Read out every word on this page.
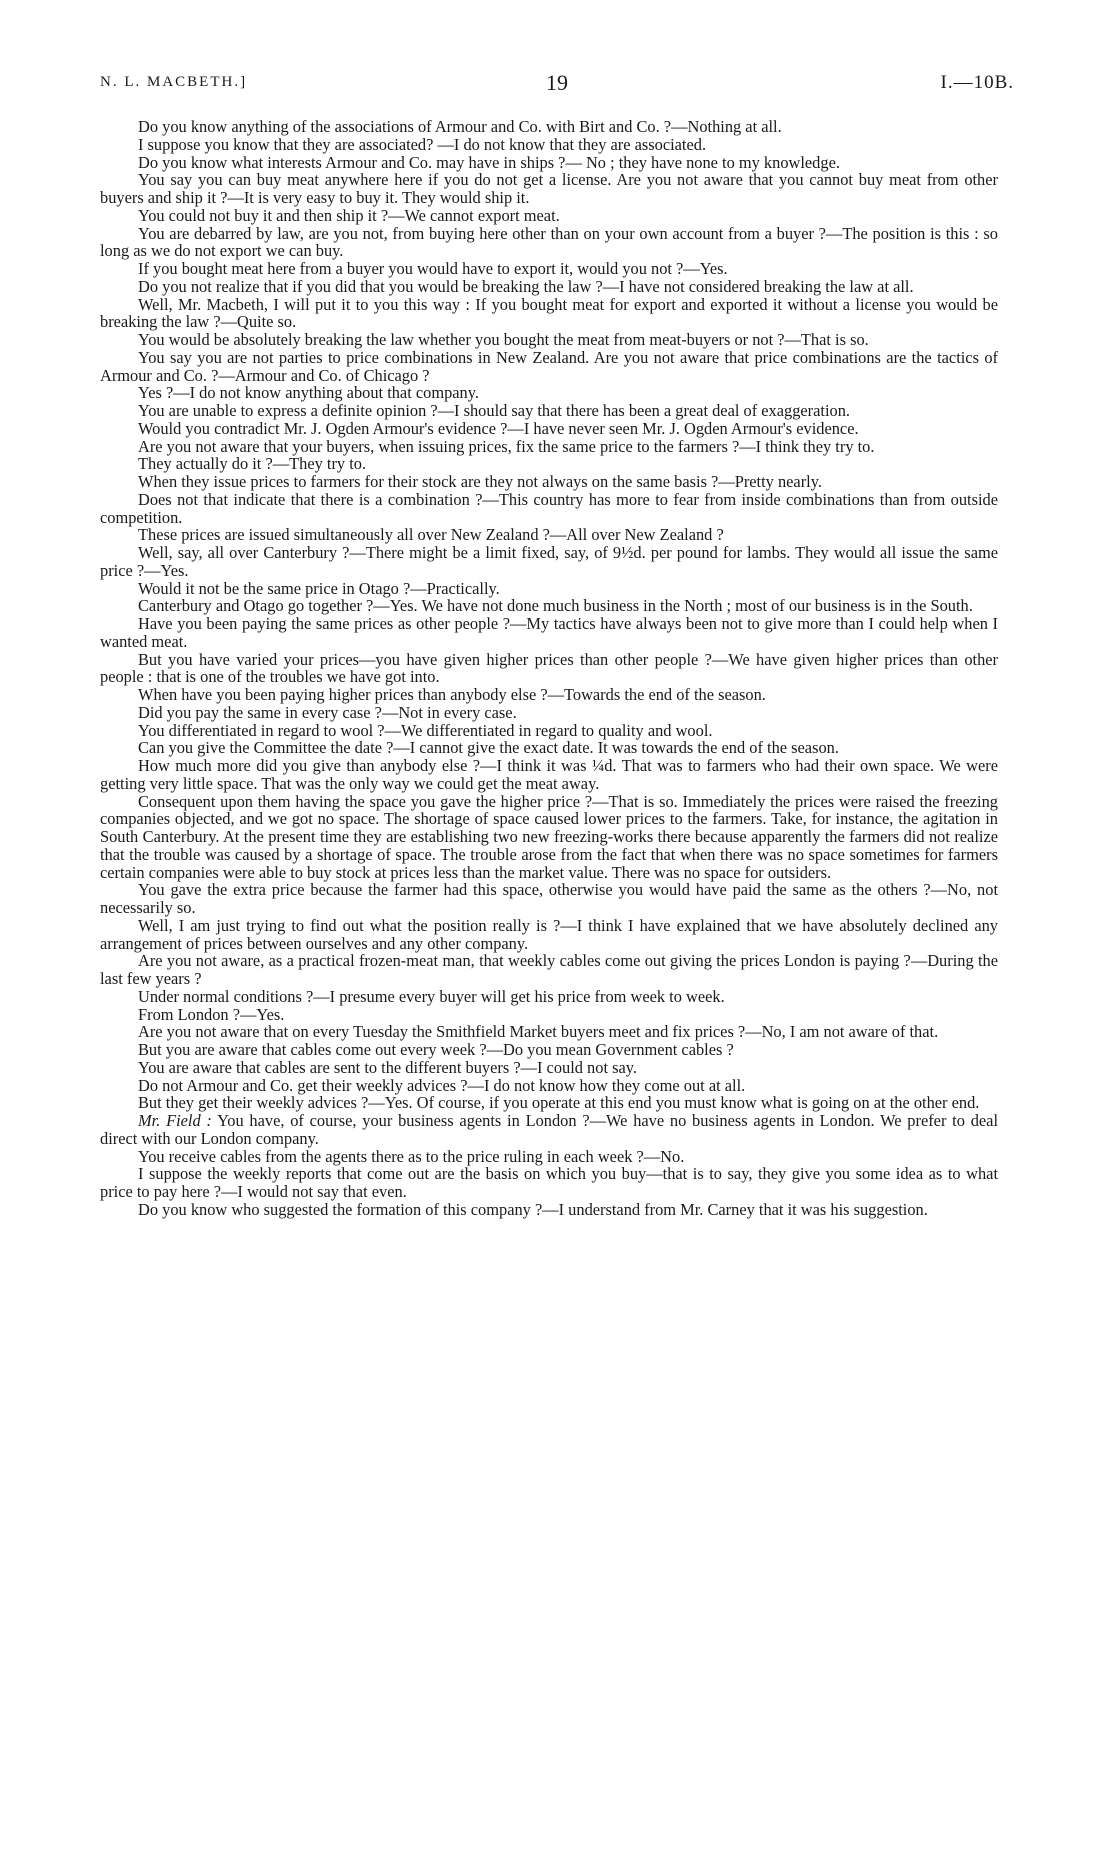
N. L. MACBETH.]	19	I.—10B.

Do you know anything of the associations of Armour and Co. with Birt and Co. ?—Nothing at all.

I suppose you know that they are associated? —I do not know that they are associated.

Do you know what interests Armour and Co. may have in ships ?— No ; they have none to my knowledge.

You say you can buy meat anywhere here if you do not get a license. Are you not aware that you cannot buy meat from other buyers and ship it ?—It is very easy to buy it. They would ship it.

You could not buy it and then ship it ?—We cannot export meat.

You are debarred by law, are you not, from buying here other than on your own account from a buyer ?—The position is this : so long as we do not export we can buy.

If you bought meat here from a buyer you would have to export it, would you not ?—Yes.

Do you not realize that if you did that you would be breaking the law ?—I have not considered breaking the law at all.

Well, Mr. Macbeth, I will put it to you this way : If you bought meat for export and exported it without a license you would be breaking the law ?—Quite so.

You would be absolutely breaking the law whether you bought the meat from meat-buyers or not ?—That is so.

You say you are not parties to price combinations in New Zealand. Are you not aware that price combinations are the tactics of Armour and Co. ?—Armour and Co. of Chicago ?

Yes ?—I do not know anything about that company.

You are unable to express a definite opinion ?—I should say that there has been a great deal of exaggeration.

Would you contradict Mr. J. Ogden Armour's evidence ?—I have never seen Mr. J. Ogden Armour's evidence.

Are you not aware that your buyers, when issuing prices, fix the same price to the farmers ?—I think they try to.

They actually do it ?—They try to.

When they issue prices to farmers for their stock are they not always on the same basis ?—Pretty nearly.

Does not that indicate that there is a combination ?—This country has more to fear from inside combinations than from outside competition.

These prices are issued simultaneously all over New Zealand ?—All over New Zealand ?

Well, say, all over Canterbury ?—There might be a limit fixed, say, of 9½d. per pound for lambs. They would all issue the same price ?—Yes.

Would it not be the same price in Otago ?—Practically.

Canterbury and Otago go together ?—Yes. We have not done much business in the North ; most of our business is in the South.

Have you been paying the same prices as other people ?—My tactics have always been not to give more than I could help when I wanted meat.

But you have varied your prices—you have given higher prices than other people ?—We have given higher prices than other people : that is one of the troubles we have got into.

When have you been paying higher prices than anybody else ?—Towards the end of the season.

Did you pay the same in every case ?—Not in every case.

You differentiated in regard to wool ?—We differentiated in regard to quality and wool.

Can you give the Committee the date ?—I cannot give the exact date. It was towards the end of the season.

How much more did you give than anybody else ?—I think it was ¼d. That was to farmers who had their own space. We were getting very little space. That was the only way we could get the meat away.

Consequent upon them having the space you gave the higher price ?—That is so. Immediately the prices were raised the freezing companies objected, and we got no space. The shortage of space caused lower prices to the farmers. Take, for instance, the agitation in South Canterbury. At the present time they are establishing two new freezing-works there because apparently the farmers did not realize that the trouble was caused by a shortage of space. The trouble arose from the fact that when there was no space sometimes for farmers certain companies were able to buy stock at prices less than the market value. There was no space for outsiders.

You gave the extra price because the farmer had this space, otherwise you would have paid the same as the others ?—No, not necessarily so.

Well, I am just trying to find out what the position really is ?—I think I have explained that we have absolutely declined any arrangement of prices between ourselves and any other company.

Are you not aware, as a practical frozen-meat man, that weekly cables come out giving the prices London is paying ?—During the last few years ?

Under normal conditions ?—I presume every buyer will get his price from week to week.

From London ?—Yes.

Are you not aware that on every Tuesday the Smithfield Market buyers meet and fix prices ?—No, I am not aware of that.

But you are aware that cables come out every week ?—Do you mean Government cables ?

You are aware that cables are sent to the different buyers ?—I could not say.

Do not Armour and Co. get their weekly advices ?—I do not know how they come out at all.

But they get their weekly advices ?—Yes. Of course, if you operate at this end you must know what is going on at the other end.

Mr. Field : You have, of course, your business agents in London ?—We have no business agents in London. We prefer to deal direct with our London company.

You receive cables from the agents there as to the price ruling in each week ?—No.

I suppose the weekly reports that come out are the basis on which you buy—that is to say, they give you some idea as to what price to pay here ?—I would not say that even.

Do you know who suggested the formation of this company ?—I understand from Mr. Carney that it was his suggestion.
